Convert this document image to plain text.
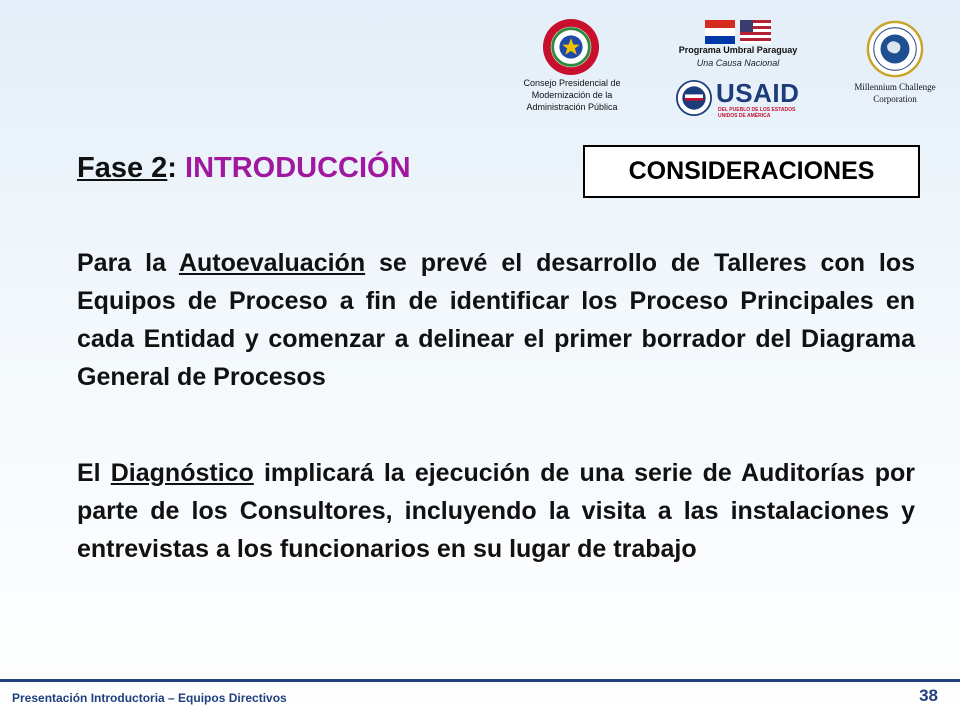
Consejo Presidencial de
Modernización de la
Administración Pública
Programa Umbral Paraguay
Una Causa Nacional
USAID
DEL PUEBLO DE LOS ESTADOS
UNIDOS DE AMÉRICA
Millennium Challenge
Corporation
Fase 2: INTRODUCCIÓN	CONSIDERACIONES

Para la Autoevaluación se prevé el desarrollo de Talleres con los Equipos de Proceso a fin de identificar los Proceso Principales en cada Entidad y comenzar a delinear el primer borrador del Diagrama General de Procesos

El Diagnóstico implicará la ejecución de una serie de Auditorías por parte de los Consultores, incluyendo la visita a las instalaciones y entrevistas a los funcionarios en su lugar de trabajo

Presentación Introductoria – Equipos Directivos	38
